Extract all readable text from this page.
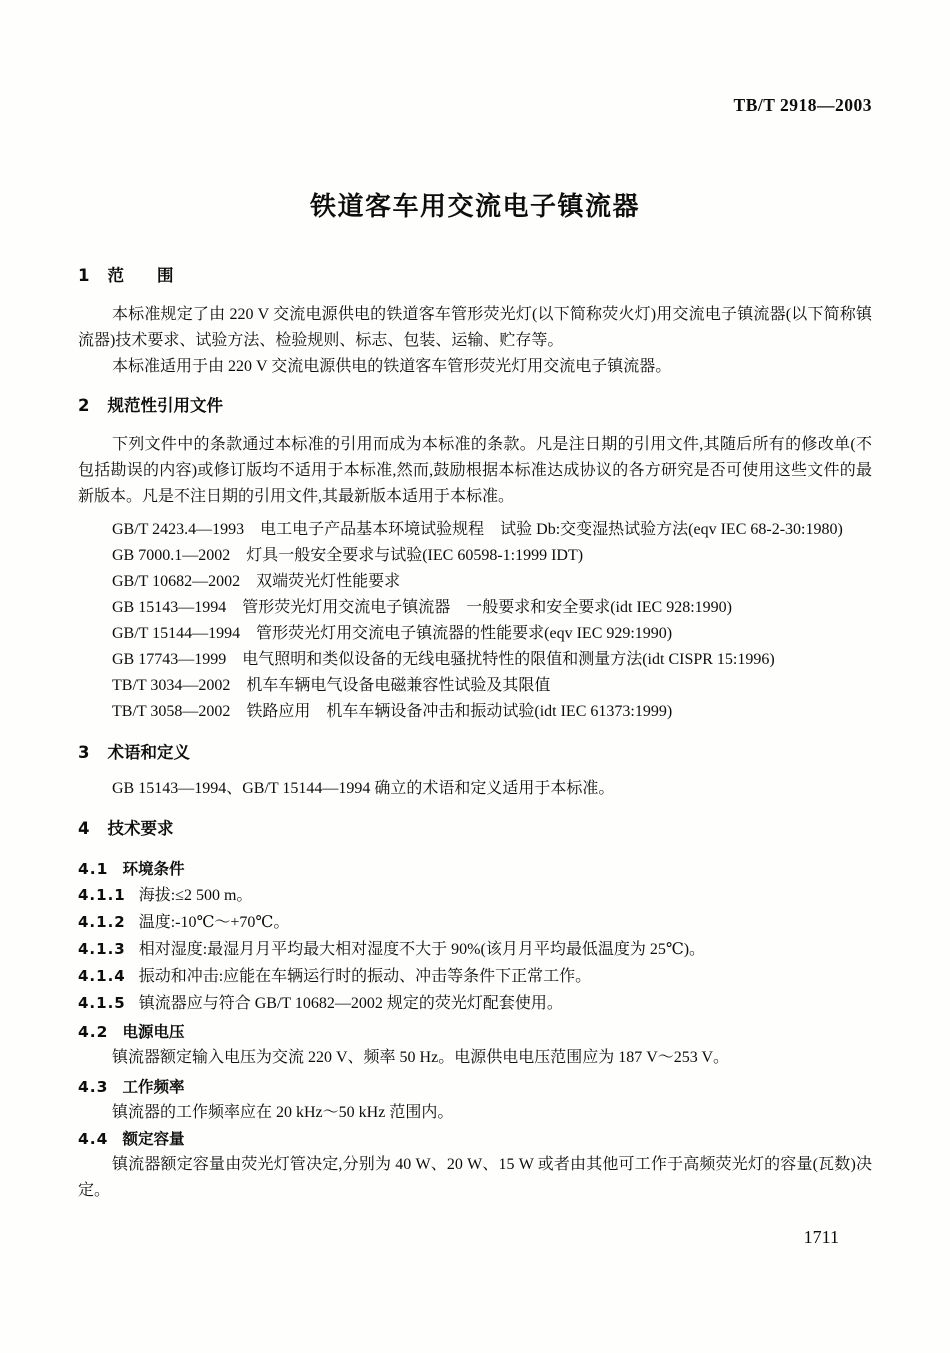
TB/T 2918—2003
铁道客车用交流电子镇流器
1 范　　围

本标准规定了由 220 V 交流电源供电的铁道客车管形荧光灯(以下简称荧火灯)用交流电子镇流器(以下简称镇流器)技术要求、试验方法、检验规则、标志、包装、运输、贮存等。

本标准适用于由 220 V 交流电源供电的铁道客车管形荧光灯用交流电子镇流器。

2 规范性引用文件

下列文件中的条款通过本标准的引用而成为本标准的条款。凡是注日期的引用文件,其随后所有的修改单(不包括勘误的内容)或修订版均不适用于本标准,然而,鼓励根据本标准达成协议的各方研究是否可使用这些文件的最新版本。凡是不注日期的引用文件,其最新版本适用于本标准。

GB/T 2423.4—1993　电工电子产品基本环境试验规程　试验 Db:交变湿热试验方法(eqv IEC 68-2-30:1980)

GB 7000.1—2002　灯具一般安全要求与试验(IEC 60598-1:1999 IDT)

GB/T 10682—2002　双端荧光灯性能要求

GB 15143—1994　管形荧光灯用交流电子镇流器　一般要求和安全要求(idt IEC 928:1990)

GB/T 15144—1994　管形荧光灯用交流电子镇流器的性能要求(eqv IEC 929:1990)

GB 17743—1999　电气照明和类似设备的无线电骚扰特性的限值和测量方法(idt CISPR 15:1996)

TB/T 3034—2002　机车车辆电气设备电磁兼容性试验及其限值

TB/T 3058—2002　铁路应用　机车车辆设备冲击和振动试验(idt IEC 61373:1999)

3 术语和定义

GB 15143—1994、GB/T 15144—1994 确立的术语和定义适用于本标准。

4 技术要求
4.1 环境条件
4.1.1 海拔:≤2 500 m。
4.1.2 温度:-10℃～+70℃。
4.1.3 相对湿度:最湿月月平均最大相对湿度不大于 90%(该月月平均最低温度为 25℃)。
4.1.4 振动和冲击:应能在车辆运行时的振动、冲击等条件下正常工作。
4.1.5 镇流器应与符合 GB/T 10682—2002 规定的荧光灯配套使用。
4.2 电源电压

镇流器额定输入电压为交流 220 V、频率 50 Hz。电源供电电压范围应为 187 V～253 V。

4.3 工作频率

镇流器的工作频率应在 20 kHz～50 kHz 范围内。

4.4 额定容量

镇流器额定容量由荧光灯管决定,分别为 40 W、20 W、15 W 或者由其他可工作于高频荧光灯的容量(瓦数)决定。

1711
